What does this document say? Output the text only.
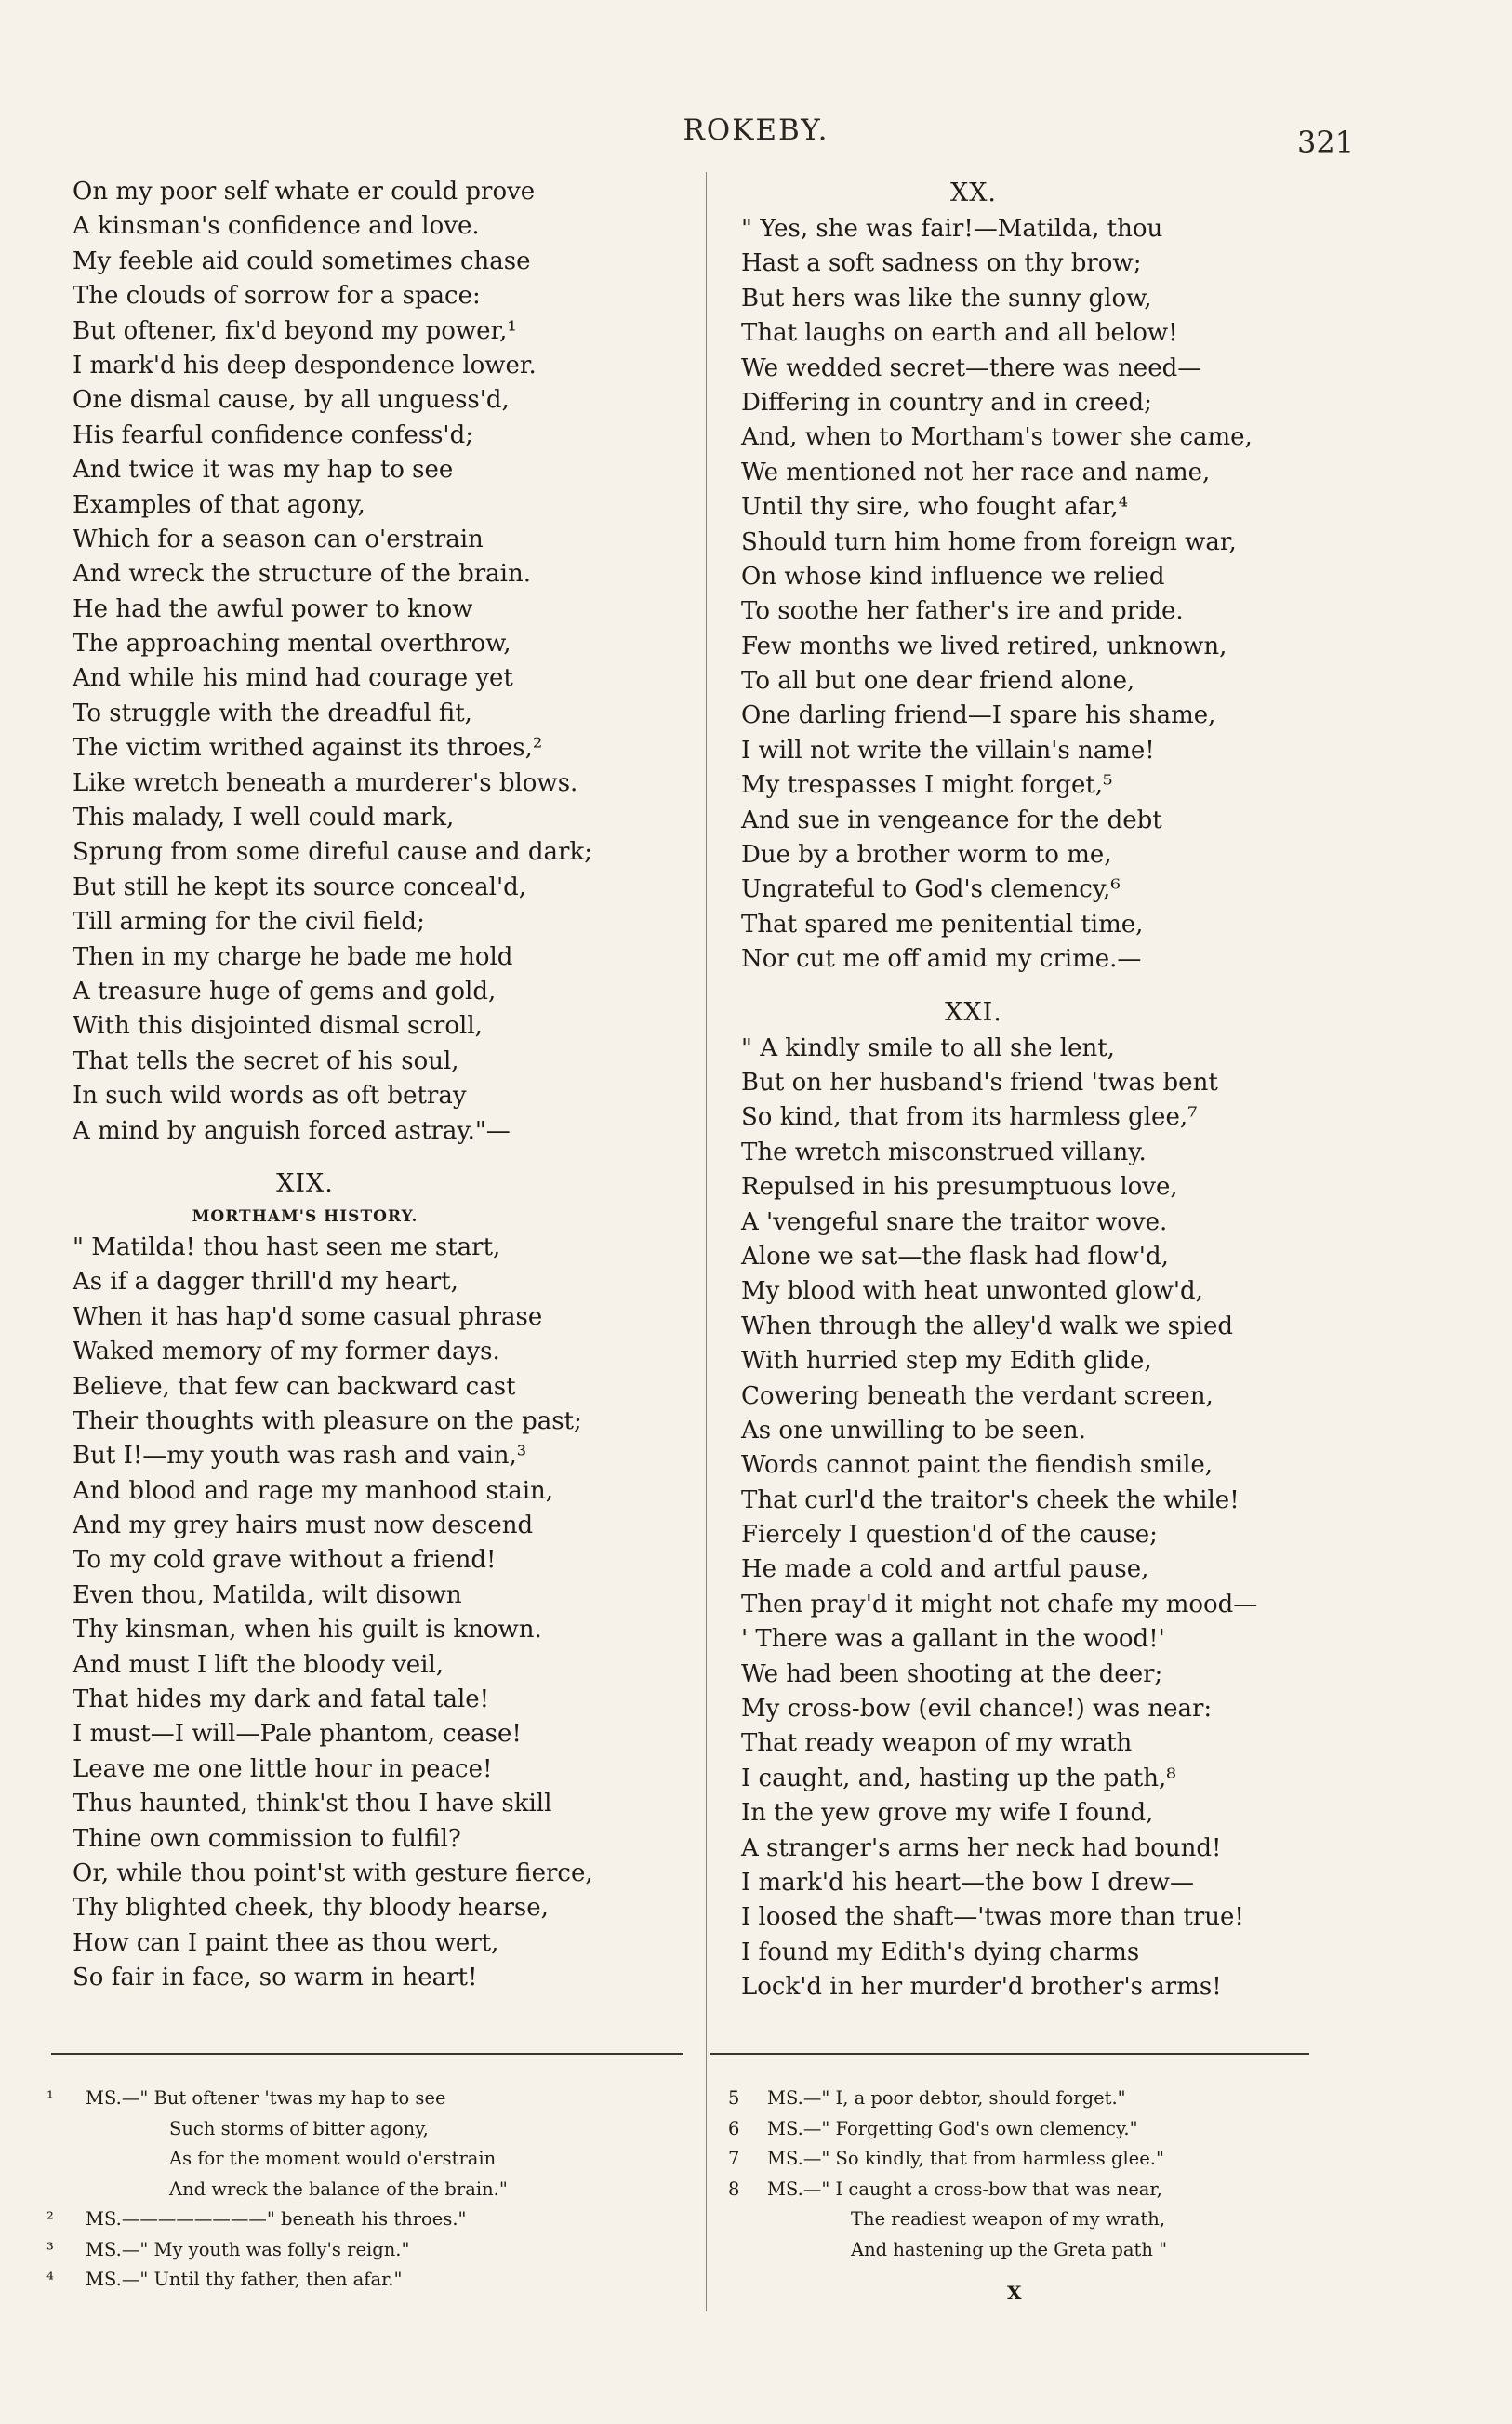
ROKEBY.	321
On my poor self whate er could prove
A kinsman's confidence and love.
My feeble aid could sometimes chase
The clouds of sorrow for a space:
But oftener, fix'd beyond my power,¹
I mark'd his deep despondence lower.
One dismal cause, by all unguess'd,
His fearful confidence confess'd;
And twice it was my hap to see
Examples of that agony,
Which for a season can o'erstrain
And wreck the structure of the brain.
He had the awful power to know
The approaching mental overthrow,
And while his mind had courage yet
To struggle with the dreadful fit,
The victim writhed against its throes,²
Like wretch beneath a murderer's blows.
This malady, I well could mark,
Sprung from some direful cause and dark;
But still he kept its source conceal'd,
Till arming for the civil field;
Then in my charge he bade me hold
A treasure huge of gems and gold,
With this disjointed dismal scroll,
That tells the secret of his soul,
In such wild words as oft betray
A mind by anguish forced astray."—
XIX.
MORTHAM'S HISTORY.
" Matilda! thou hast seen me start,
As if a dagger thrill'd my heart,
When it has hap'd some casual phrase
Waked memory of my former days.
Believe, that few can backward cast
Their thoughts with pleasure on the past;
But I!—my youth was rash and vain,³
And blood and rage my manhood stain,
And my grey hairs must now descend
To my cold grave without a friend!
Even thou, Matilda, wilt disown
Thy kinsman, when his guilt is known.
And must I lift the bloody veil,
That hides my dark and fatal tale!
I must—I will—Pale phantom, cease!
Leave me one little hour in peace!
Thus haunted, think'st thou I have skill
Thine own commission to fulfil?
Or, while thou point'st with gesture fierce,
Thy blighted cheek, thy bloody hearse,
How can I paint thee as thou wert,
So fair in face, so warm in heart!
XX.
" Yes, she was fair!—Matilda, thou
Hast a soft sadness on thy brow;
But hers was like the sunny glow,
That laughs on earth and all below!
We wedded secret—there was need—
Differing in country and in creed;
And, when to Mortham's tower she came,
We mentioned not her race and name,
Until thy sire, who fought afar,⁴
Should turn him home from foreign war,
On whose kind influence we relied
To soothe her father's ire and pride.
Few months we lived retired, unknown,
To all but one dear friend alone,
One darling friend—I spare his shame,
I will not write the villain's name!
My trespasses I might forget,⁵
And sue in vengeance for the debt
Due by a brother worm to me,
Ungrateful to God's clemency,⁶
That spared me penitential time,
Nor cut me off amid my crime.—
XXI.
" A kindly smile to all she lent,
But on her husband's friend 'twas bent
So kind, that from its harmless glee,⁷
The wretch misconstrued villany.
Repulsed in his presumptuous love,
A 'vengeful snare the traitor wove.
Alone we sat—the flask had flow'd,
My blood with heat unwonted glow'd,
When through the alley'd walk we spied
With hurried step my Edith glide,
Cowering beneath the verdant screen,
As one unwilling to be seen.
Words cannot paint the fiendish smile,
That curl'd the traitor's cheek the while!
Fiercely I question'd of the cause;
He made a cold and artful pause,
Then pray'd it might not chafe my mood—
' There was a gallant in the wood!'
We had been shooting at the deer;
My cross-bow (evil chance!) was near:
That ready weapon of my wrath
I caught, and, hasting up the path,⁸
In the yew grove my wife I found,
A stranger's arms her neck had bound!
I mark'd his heart—the bow I drew—
I loosed the shaft—'twas more than true!
I found my Edith's dying charms
Lock'd in her murder'd brother's arms!
¹ MS.—" But oftener 'twas my hap to see
Such storms of bitter agony,
As for the moment would o'erstrain
And wreck the balance of the brain."
² MS.————————" beneath his throes."
³ MS.—" My youth was folly's reign."
⁴ MS.—" Until thy father, then afar."
5 MS.—" I, a poor debtor, should forget."
6 MS.—" Forgetting God's own clemency."
7 MS.—" So kindly, that from harmless glee."
8 MS.—" I caught a cross-bow that was near,
The readiest weapon of my wrath,
And hastening up the Greta path "
X
